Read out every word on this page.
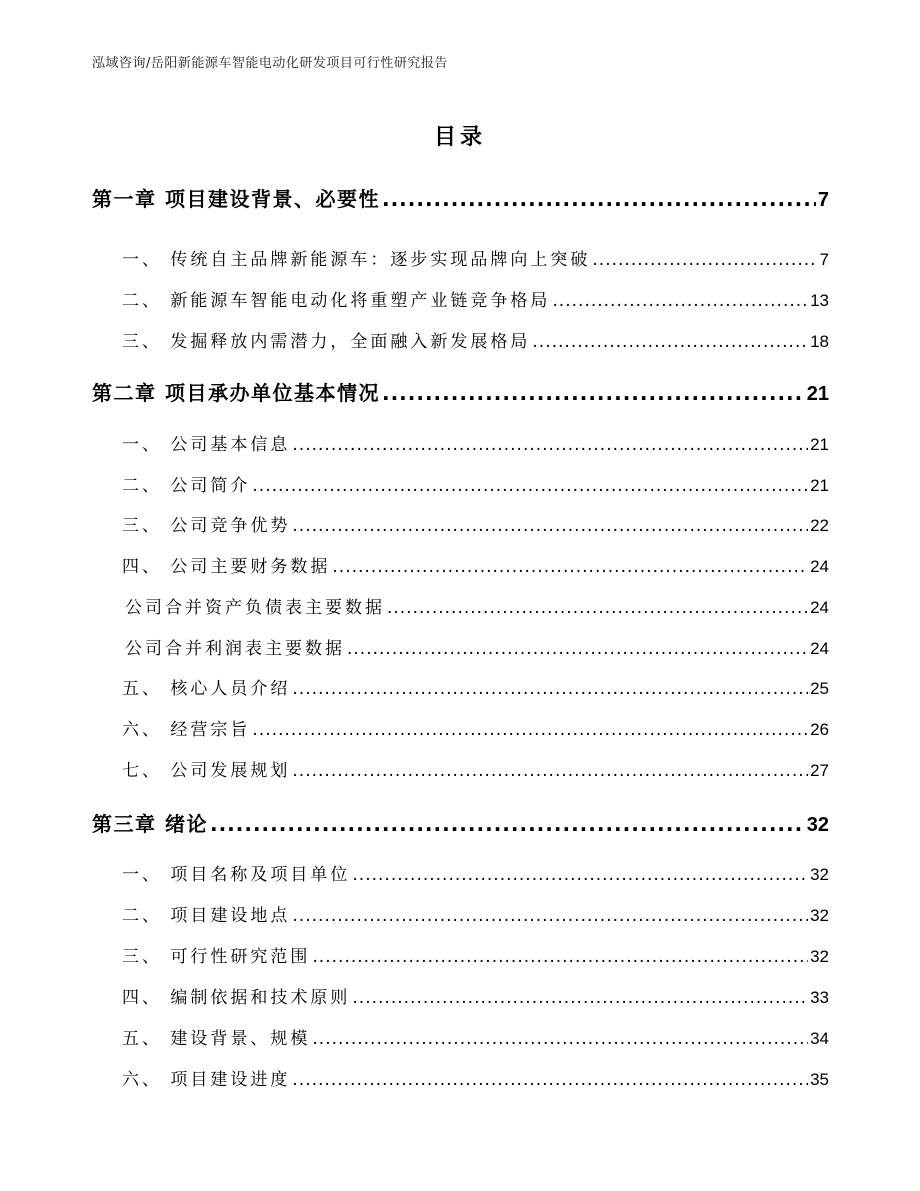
泓域咨询/岳阳新能源车智能电动化研发项目可行性研究报告
目录
第一章 项目建设背景、必要性 .....	7
一、 传统自主品牌新能源车：逐步实现品牌向上突破 .....	7
二、 新能源车智能电动化将重塑产业链竞争格局 .....	13
三、 发掘释放内需潜力，全面融入新发展格局 .....	18
第二章 项目承办单位基本情况 .....	21
一、 公司基本信息 .....	21
二、 公司简介 .....	21
三、 公司竞争优势 .....	22
四、 公司主要财务数据 .....	24
公司合并资产负债表主要数据 .....	24
公司合并利润表主要数据 .....	24
五、 核心人员介绍 .....	25
六、 经营宗旨 .....	26
七、 公司发展规划 .....	27
第三章 绪论 .....	32
一、 项目名称及项目单位 .....	32
二、 项目建设地点 .....	32
三、 可行性研究范围 .....	32
四、 编制依据和技术原则 .....	33
五、 建设背景、规模 .....	34
六、 项目建设进度 .....	35
